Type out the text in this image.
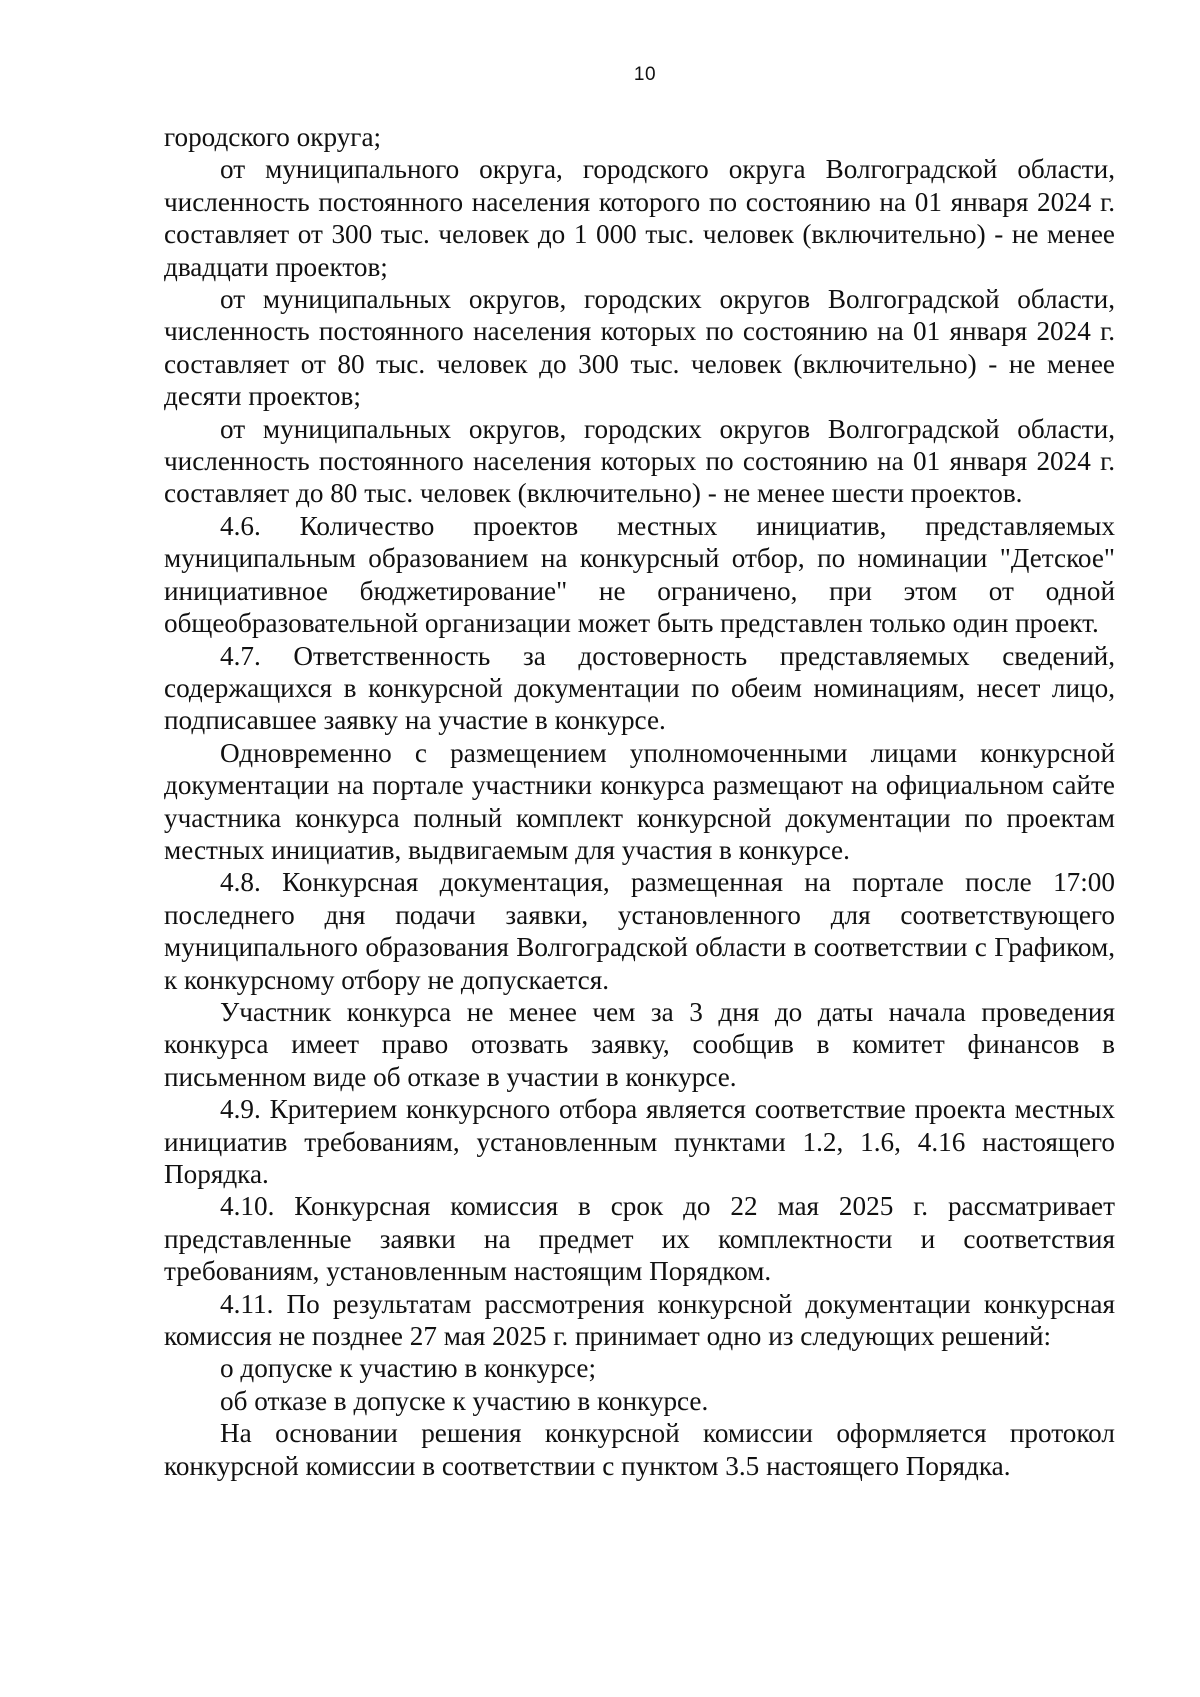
10

городского округа;

от муниципального округа, городского округа Волгоградской области, численность постоянного населения которого по состоянию на 01 января 2024 г. составляет от 300 тыс. человек до 1 000 тыс. человек (включительно) - не менее двадцати проектов;

от муниципальных округов, городских округов Волгоградской области, численность постоянного населения которых по состоянию на 01 января 2024 г. составляет от 80 тыс. человек до 300 тыс. человек (включительно) - не менее десяти проектов;

от муниципальных округов, городских округов Волгоградской области, численность постоянного населения которых по состоянию на 01 января 2024 г. составляет до 80 тыс. человек (включительно) - не менее шести проектов.

4.6. Количество проектов местных инициатив, представляемых муниципальным образованием на конкурсный отбор, по номинации "Детское" инициативное бюджетирование" не ограничено, при этом от одной общеобразовательной организации может быть представлен только один проект.

4.7. Ответственность за достоверность представляемых сведений, содержащихся в конкурсной документации по обеим номинациям, несет лицо, подписавшее заявку на участие в конкурсе.

Одновременно с размещением уполномоченными лицами конкурсной документации на портале участники конкурса размещают на официальном сайте участника конкурса полный комплект конкурсной документации по проектам местных инициатив, выдвигаемым для участия в конкурсе.

4.8. Конкурсная документация, размещенная на портале после 17:00 последнего дня подачи заявки, установленного для соответствующего муниципального образования Волгоградской области в соответствии с Графиком, к конкурсному отбору не допускается.

Участник конкурса не менее чем за 3 дня до даты начала проведения конкурса имеет право отозвать заявку, сообщив в комитет финансов в письменном виде об отказе в участии в конкурсе.

4.9. Критерием конкурсного отбора является соответствие проекта местных инициатив требованиям, установленным пунктами 1.2, 1.6, 4.16 настоящего Порядка.

4.10. Конкурсная комиссия в срок до 22 мая 2025 г. рассматривает представленные заявки на предмет их комплектности и соответствия требованиям, установленным настоящим Порядком.

4.11. По результатам рассмотрения конкурсной документации конкурсная комиссия не позднее 27 мая 2025 г. принимает одно из следующих решений:

о допуске к участию в конкурсе;

об отказе в допуске к участию в конкурсе.

На основании решения конкурсной комиссии оформляется протокол конкурсной комиссии в соответствии с пунктом 3.5 настоящего Порядка.
